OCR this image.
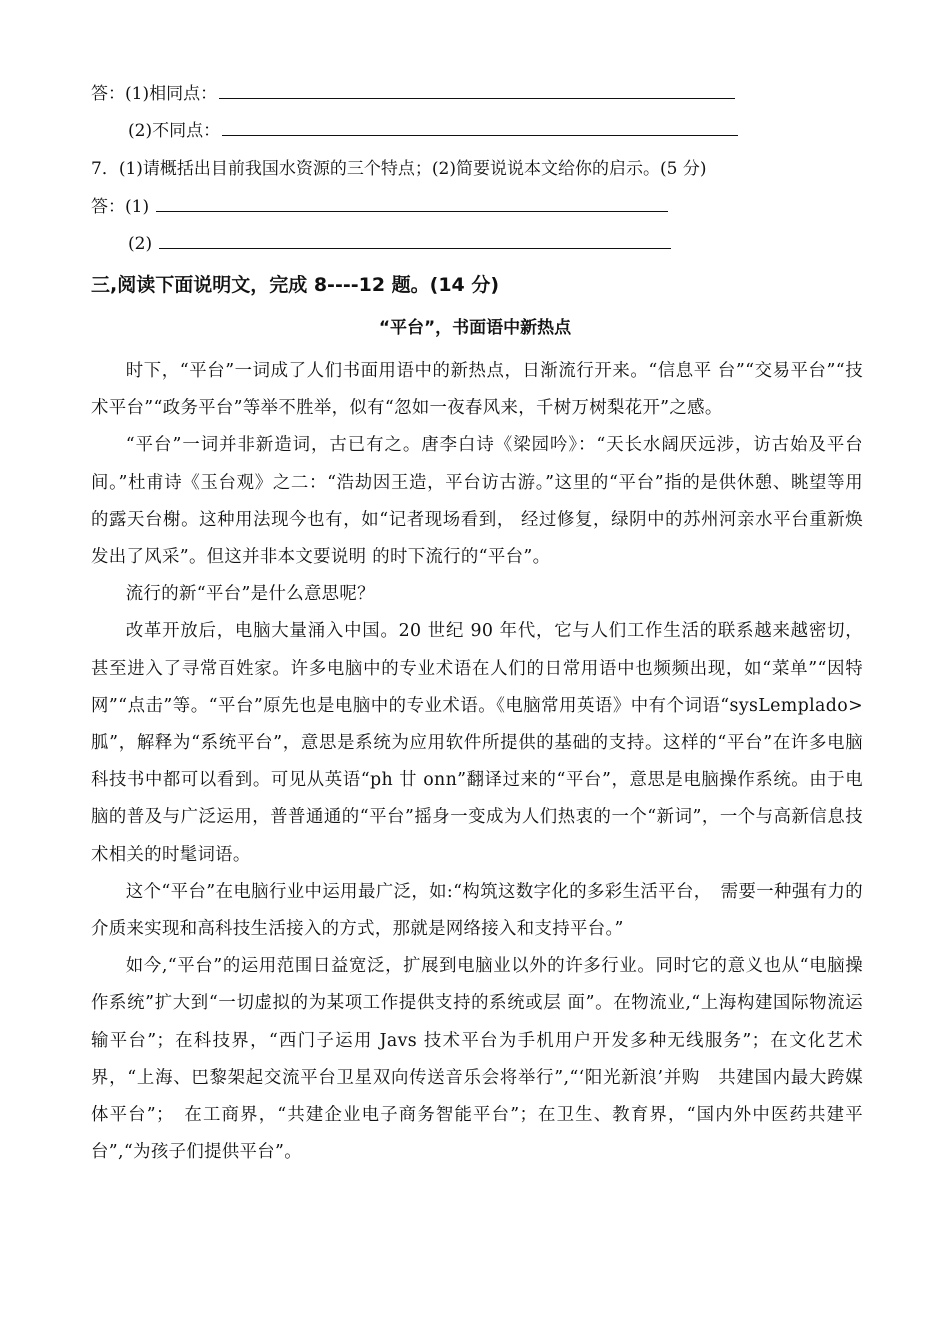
答：(1)相同点：
(2)不同点：
7．(1)请概括出目前我国水资源的三个特点；(2)简要说说本文给你的启示。(5 分)
答：(1)
(2)
三,阅读下面说明文，完成 8----12 题。(14 分)
“平台”，书面语中新热点

时下，“平台”一词成了人们书面用语中的新热点，日渐流行开来。“信息平 台”“交易平台”“技术平台”“政务平台”等举不胜举，似有“忽如一夜春风来，千树万树梨花开”之感。

“平台”一词并非新造词，古已有之。唐李白诗《梁园吟》：“天长水阔厌远涉，访古始及平台间。”杜甫诗《玉台观》之二：“浩劫因王造，平台访古游。”这里的“平台”指的是供休憩、眺望等用的露天台榭。这种用法现今也有，如“记者现场看到， 经过修复，绿阴中的苏州河亲水平台重新焕发出了风采”。但这并非本文要说明 的时下流行的“平台”。

流行的新“平台”是什么意思呢？

改革开放后，电脑大量涌入中国。20 世纪 90 年代，它与人们工作生活的联系越来越密切，甚至进入了寻常百姓家。许多电脑中的专业术语在人们的日常用语中也频频出现，如“菜单”“因特网”“点击”等。“平台”原先也是电脑中的专业术语。《电脑常用英语》中有个词语“sysLemplado>胍”，解释为“系统平台”，意思是系统为应用软件所提供的基础的支持。这样的“平台”在许多电脑科技书中都可以看到。可见从英语“ph 廿 onn”翻译过来的“平台”，意思是电脑操作系统。由于电脑的普及与广泛运用，普普通通的“平台”摇身一变成为人们热衷的一个“新词”，一个与高新信息技术相关的时髦词语。

这个“平台”在电脑行业中运用最广泛，如:“构筑这数字化的多彩生活平台，　需要一种强有力的介质来实现和高科技生活接入的方式，那就是网络接入和支持平台。”

如今,“平台”的运用范围日益宽泛，扩展到电脑业以外的许多行业。同时它的意义也从“电脑操作系统”扩大到“一切虚拟的为某项工作提供支持的系统或层 面”。在物流业,“上海构建国际物流运输平台”；在科技界，“西门子运用 Javs 技术平台为手机用户开发多种无线服务”；在文化艺术界，“上海、巴黎架起交流平台卫星双向传送音乐会将举行”,“‘阳光新浪’并购　共建国内最大跨媒体平台”；　在工商界，“共建企业电子商务智能平台”；在卫生、教育界，“国内外中医药共建平 台”,“为孩子们提供平台”。
